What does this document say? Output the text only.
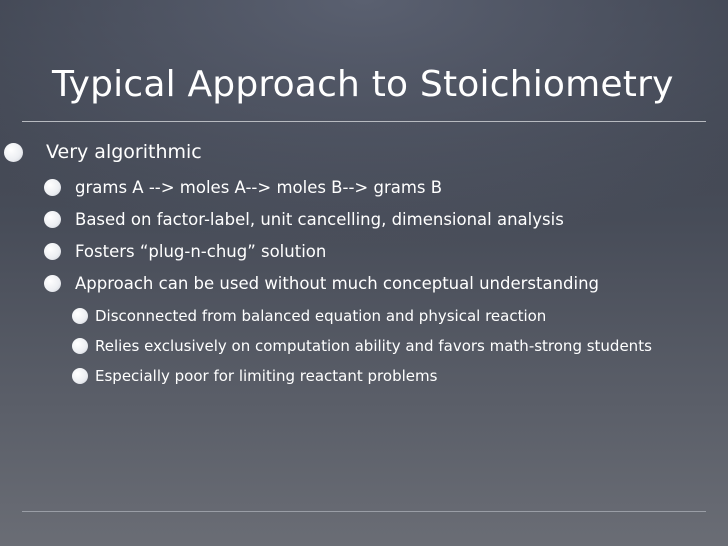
Typical Approach to Stoichiometry
Very algorithmic
grams A --> moles A--> moles B--> grams B
Based on factor-label, unit cancelling, dimensional analysis
Fosters “plug-n-chug” solution
Approach can be used without much conceptual understanding
Disconnected from balanced equation and physical reaction
Relies exclusively on computation ability and favors math-strong students
Especially poor for limiting reactant problems
